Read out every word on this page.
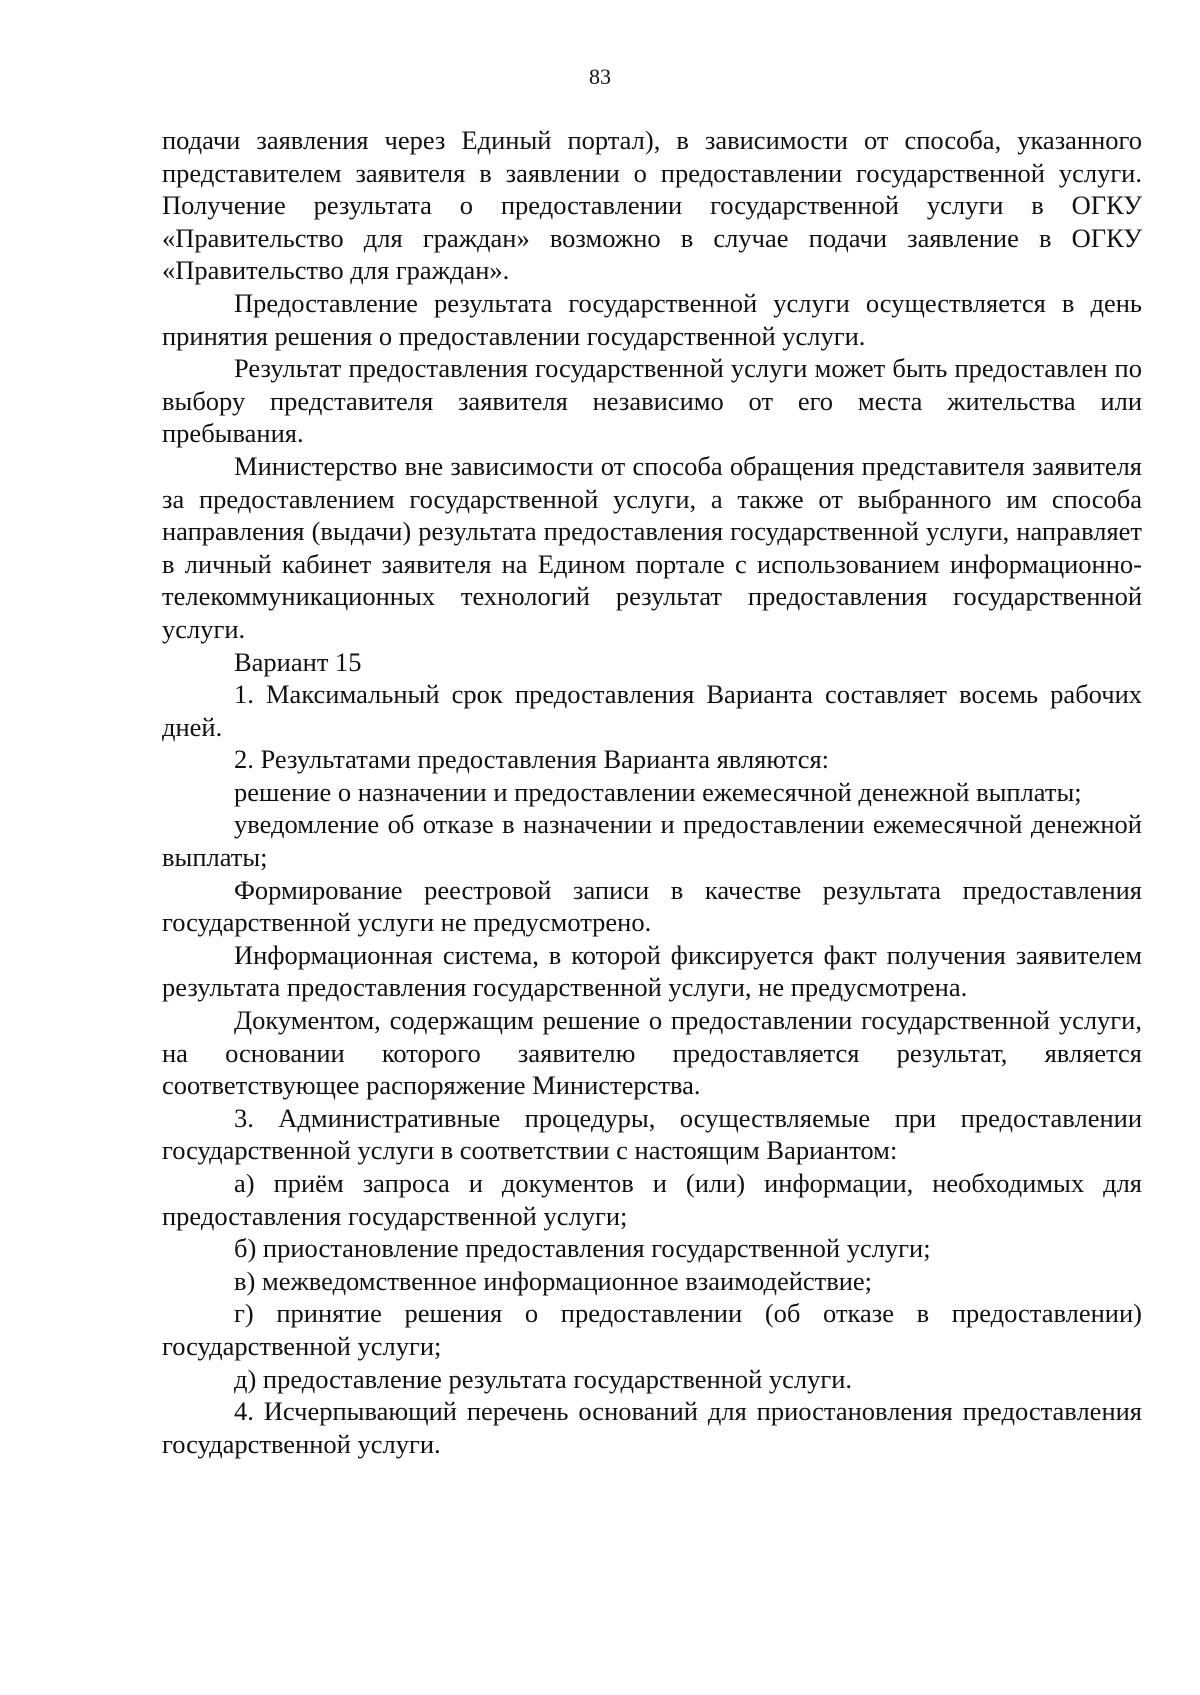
83

подачи заявления через Единый портал), в зависимости от способа, указанного представителем заявителя в заявлении о предоставлении государственной услуги. Получение результата о предоставлении государственной услуги в ОГКУ «Правительство для граждан» возможно в случае подачи заявление в ОГКУ «Правительство для граждан».

Предоставление результата государственной услуги осуществляется в день принятия решения о предоставлении государственной услуги.

Результат предоставления государственной услуги может быть предоставлен по выбору представителя заявителя независимо от его места жительства или пребывания.

Министерство вне зависимости от способа обращения представителя заявителя за предоставлением государственной услуги, а также от выбранного им способа направления (выдачи) результата предоставления государственной услуги, направляет в личный кабинет заявителя на Едином портале с использованием информационно-телекоммуникационных технологий результат предоставления государственной услуги.

Вариант 15

1. Максимальный срок предоставления Варианта составляет восемь рабочих дней.

2. Результатами предоставления Варианта являются:

решение о назначении и предоставлении ежемесячной денежной выплаты;

уведомление об отказе в назначении и предоставлении ежемесячной денежной выплаты;

Формирование реестровой записи в качестве результата предоставления государственной услуги не предусмотрено.

Информационная система, в которой фиксируется факт получения заявителем результата предоставления государственной услуги, не предусмотрена.

Документом, содержащим решение о предоставлении государственной услуги, на основании которого заявителю предоставляется результат, является соответствующее распоряжение Министерства.

3. Административные процедуры, осуществляемые при предоставлении государственной услуги в соответствии с настоящим Вариантом:

а) приём запроса и документов и (или) информации, необходимых для предоставления государственной услуги;

б) приостановление предоставления государственной услуги;

в) межведомственное информационное взаимодействие;

г) принятие решения о предоставлении (об отказе в предоставлении) государственной услуги;

д) предоставление результата государственной услуги.

4. Исчерпывающий перечень оснований для приостановления предоставления государственной услуги.
